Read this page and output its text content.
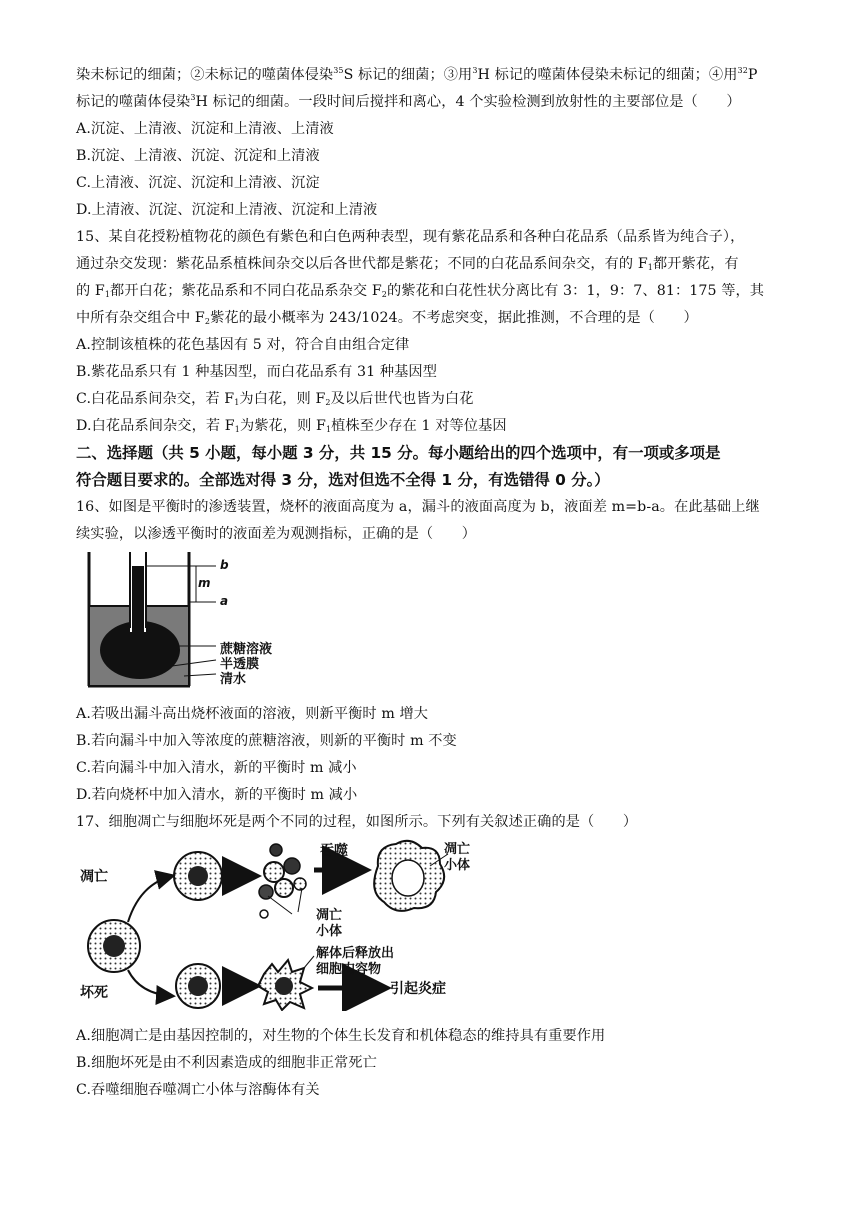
染未标记的细菌；②未标记的噬菌体侵染$^{35}$S 标记的细菌；③用$^3$H 标记的噬菌体侵染未标记的细菌；④用$^{32}$P
标记的噬菌体侵染$^3$H 标记的细菌。一段时间后搅拌和离心，4 个实验检测到放射性的主要部位是（　　）
A.沉淀、上清液、沉淀和上清液、上清液
B.沉淀、上清液、沉淀、沉淀和上清液
C.上清液、沉淀、沉淀和上清液、沉淀
D.上清液、沉淀、沉淀和上清液、沉淀和上清液
15、某自花授粉植物花的颜色有紫色和白色两种表型，现有紫花品系和各种白花品系（品系皆为纯合子），
通过杂交发现：紫花品系植株间杂交以后各世代都是紫花；不同的白花品系间杂交，有的 $F_1$都开紫花，有
的 $F_1$都开白花；紫花品系和不同白花品系杂交 $F_2$的紫花和白花性状分离比有 3：1，9：7、81：175 等，其
中所有杂交组合中 $F_2$紫花的最小概率为 243/1024。不考虑突变，据此推测，不合理的是（　　）
A.控制该植株的花色基因有 5 对，符合自由组合定律
B.紫花品系只有 1 种基因型，而白花品系有 31 种基因型
C.白花品系间杂交，若 $F_1$为白花，则 $F_2$及以后世代也皆为白花
D.白花品系间杂交，若 $F_1$为紫花，则 $F_1$植株至少存在 1 对等位基因
二、选择题（共 5 小题，每小题 3 分，共 15 分。每小题给出的四个选项中，有一项或多项是
符合题目要求的。全部选对得 3 分，选对但选不全得 1 分，有选错得 0 分。）
16、如图是平衡时的渗透装置，烧杯的液面高度为 a，漏斗的液面高度为 b，液面差 m=b-a。在此基础上继
续实验，以渗透平衡时的液面差为观测指标，正确的是（　　）
b
m
a
蔗糖溶液
半透膜
清水
A.若吸出漏斗高出烧杯液面的溶液，则新平衡时 m 增大
B.若向漏斗中加入等浓度的蔗糖溶液，则新的平衡时 m 不变
C.若向漏斗中加入清水，新的平衡时 m 减小
D.若向烧杯中加入清水，新的平衡时 m 减小
17、细胞凋亡与细胞坏死是两个不同的过程，如图所示。下列有关叙述正确的是（　　）
凋亡
坏死
吞噬	凋亡
小体
凋亡
小体
解体后释放出
细胞内容物
引起炎症
A.细胞凋亡是由基因控制的，对生物的个体生长发育和机体稳态的维持具有重要作用
B.细胞坏死是由不利因素造成的细胞非正常死亡
C.吞噬细胞吞噬凋亡小体与溶酶体有关
